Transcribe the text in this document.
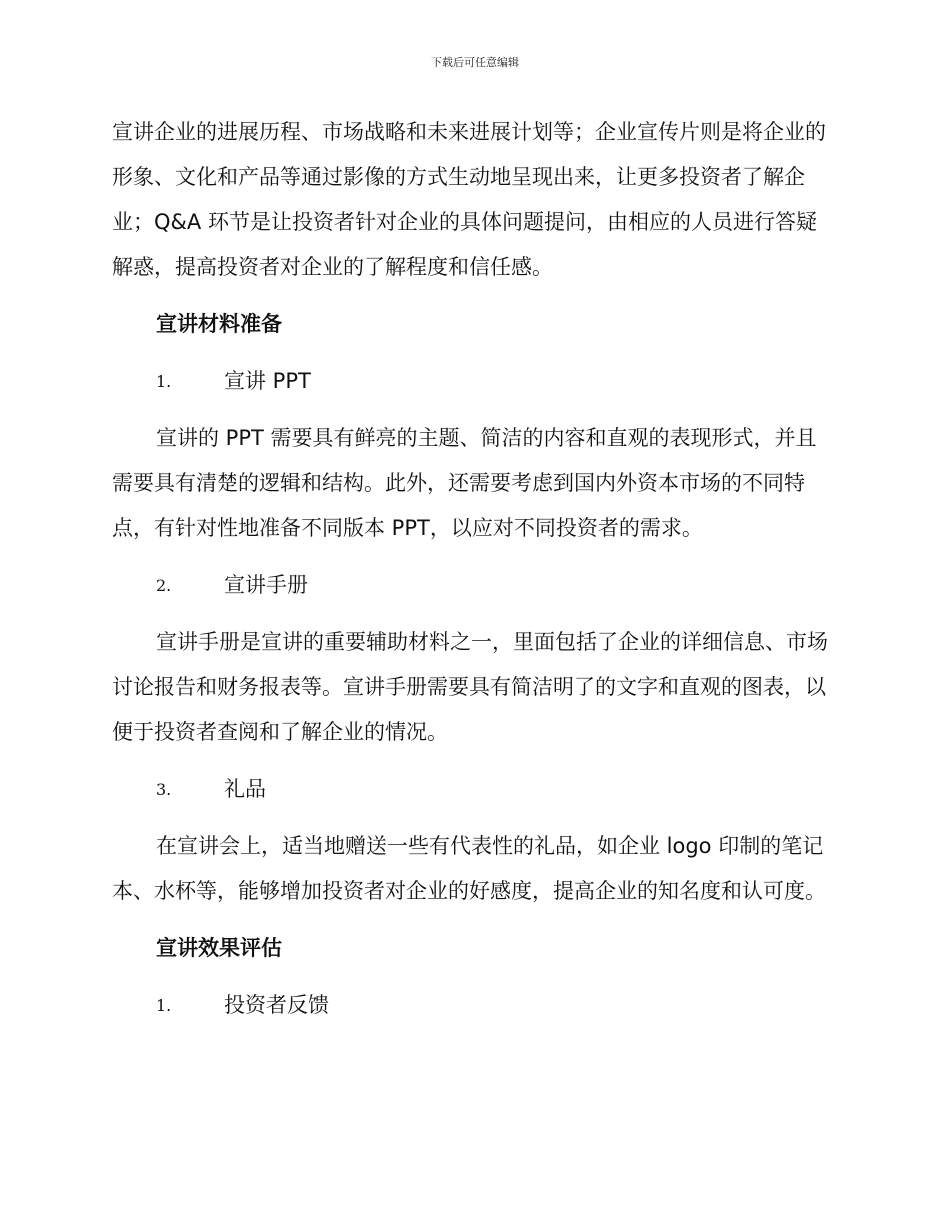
下载后可任意编辑

宣讲企业的进展历程、市场战略和未来进展计划等；企业宣传片则是将企业的形象、文化和产品等通过影像的方式生动地呈现出来，让更多投资者了解企业；Q&A 环节是让投资者针对企业的具体问题提问，由相应的人员进行答疑解惑，提高投资者对企业的了解程度和信任感。

宣讲材料准备
1.	宣讲 PPT

宣讲的 PPT 需要具有鲜亮的主题、简洁的内容和直观的表现形式，并且需要具有清楚的逻辑和结构。此外，还需要考虑到国内外资本市场的不同特点，有针对性地准备不同版本 PPT，以应对不同投资者的需求。

2.	宣讲手册

宣讲手册是宣讲的重要辅助材料之一，里面包括了企业的详细信息、市场讨论报告和财务报表等。宣讲手册需要具有简洁明了的文字和直观的图表，以便于投资者查阅和了解企业的情况。

3.	礼品

在宣讲会上，适当地赠送一些有代表性的礼品，如企业 logo 印制的笔记本、水杯等，能够增加投资者对企业的好感度，提高企业的知名度和认可度。

宣讲效果评估
1.	投资者反馈
